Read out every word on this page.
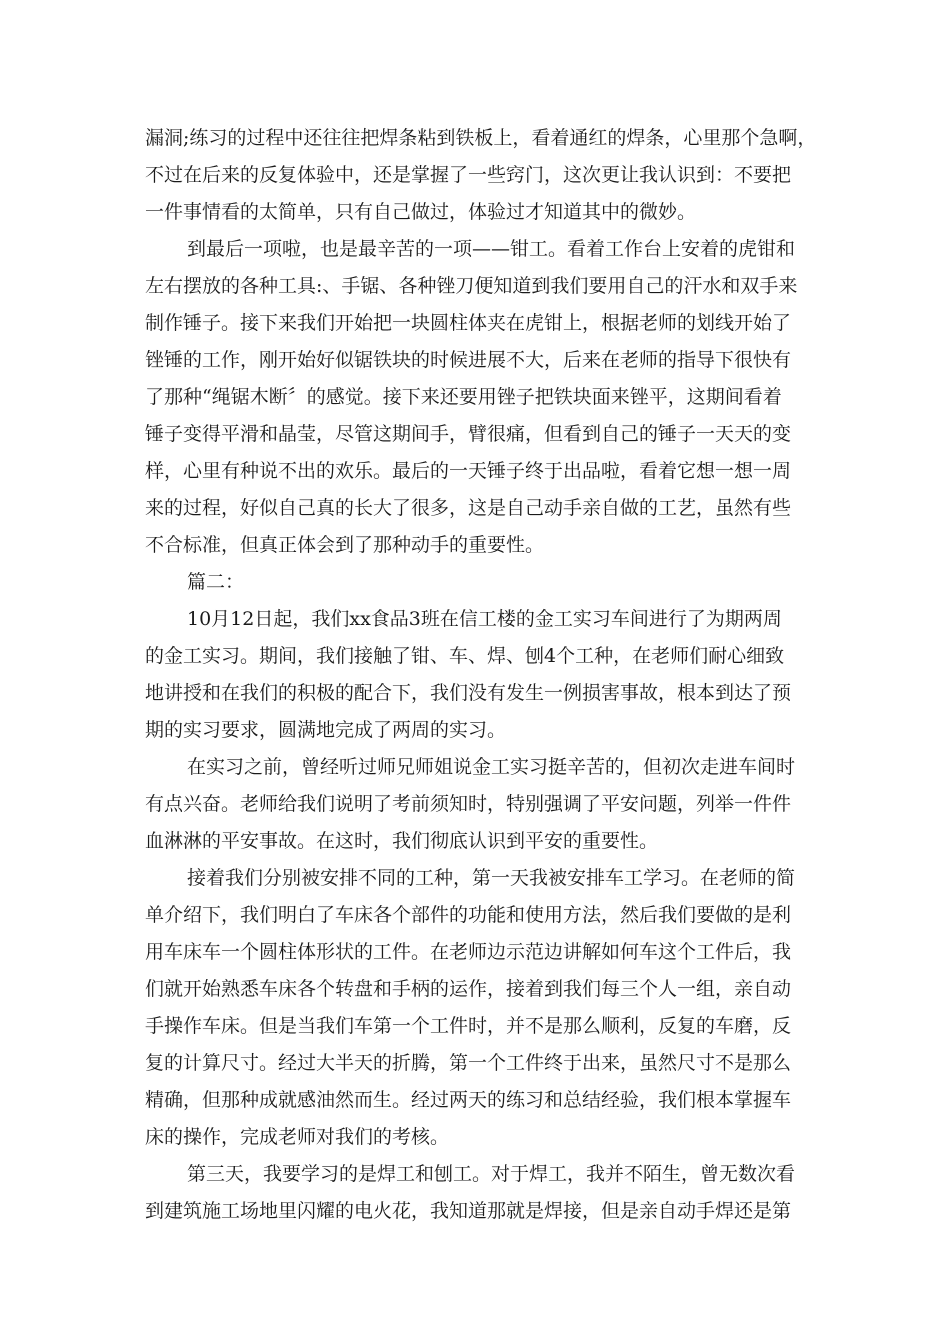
漏洞;练习的过程中还往往把焊条粘到铁板上，看着通红的焊条，心里那个急啊，
不过在后来的反复体验中，还是掌握了一些窍门，这次更让我认识到：不要把
一件事情看的太简单，只有自己做过，体验过才知道其中的微妙。
到最后一项啦，也是最辛苦的一项——钳工。看着工作台上安着的虎钳和
左右摆放的各种工具:、手锯、各种锉刀便知道到我们要用自己的汗水和双手来
制作锤子。接下来我们开始把一块圆柱体夹在虎钳上，根据老师的划线开始了
锉锤的工作，刚开始好似锯铁块的时候进展不大，后来在老师的指导下很快有
了那种“绳锯木断〞的感觉。接下来还要用锉子把铁块面来锉平，这期间看着
锤子变得平滑和晶莹，尽管这期间手，臂很痛，但看到自己的锤子一天天的变
样，心里有种说不出的欢乐。最后的一天锤子终于出品啦，看着它想一想一周
来的过程，好似自己真的长大了很多，这是自己动手亲自做的工艺，虽然有些
不合标准，但真正体会到了那种动手的重要性。
篇二：
10月12日起，我们xx食品3班在信工楼的金工实习车间进行了为期两周
的金工实习。期间，我们接触了钳、车、焊、刨4个工种，在老师们耐心细致
地讲授和在我们的积极的配合下，我们没有发生一例损害事故，根本到达了预
期的实习要求，圆满地完成了两周的实习。
在实习之前，曾经听过师兄师姐说金工实习挺辛苦的，但初次走进车间时
有点兴奋。老师给我们说明了考前须知时，特别强调了平安问题，列举一件件
血淋淋的平安事故。在这时，我们彻底认识到平安的重要性。
接着我们分别被安排不同的工种，第一天我被安排车工学习。在老师的简
单介绍下，我们明白了车床各个部件的功能和使用方法，然后我们要做的是利
用车床车一个圆柱体形状的工件。在老师边示范边讲解如何车这个工件后，我
们就开始熟悉车床各个转盘和手柄的运作，接着到我们每三个人一组，亲自动
手操作车床。但是当我们车第一个工件时，并不是那么顺利，反复的车磨，反
复的计算尺寸。经过大半天的折腾，第一个工件终于出来，虽然尺寸不是那么
精确，但那种成就感油然而生。经过两天的练习和总结经验，我们根本掌握车
床的操作，完成老师对我们的考核。
第三天，我要学习的是焊工和刨工。对于焊工，我并不陌生，曾无数次看
到建筑施工场地里闪耀的电火花，我知道那就是焊接，但是亲自动手焊还是第
